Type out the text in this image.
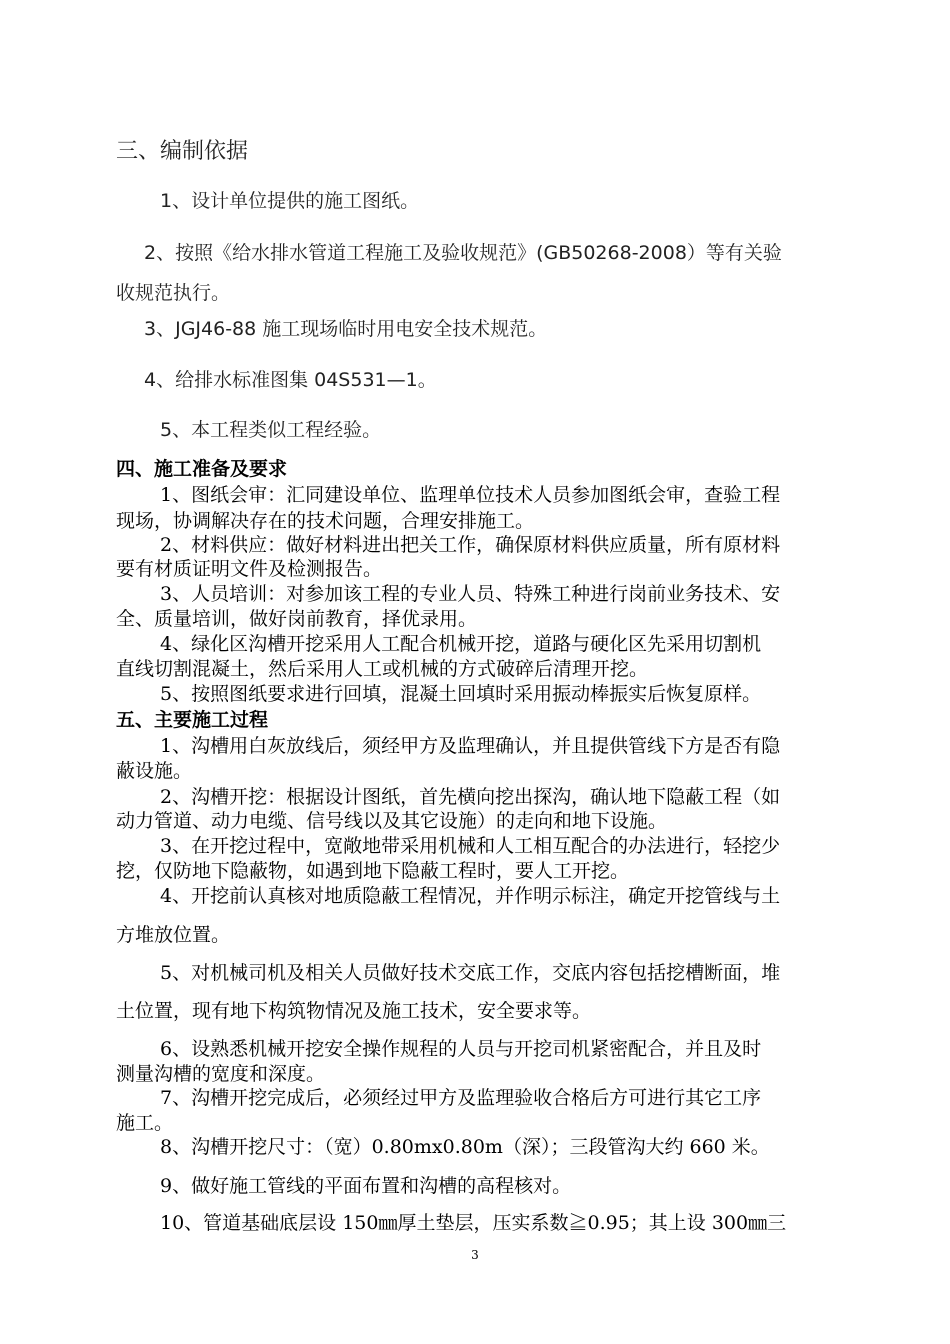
三、编制依据
1、设计单位提供的施工图纸。
2、按照《给水排水管道工程施工及验收规范》(GB50268-2008）等有关验
收规范执行。
3、JGJ46-88 施工现场临时用电安全技术规范。
4、给排水标准图集 04S531—1。
5、本工程类似工程经验。
四、施工准备及要求
1、图纸会审：汇同建设单位、监理单位技术人员参加图纸会审，查验工程
现场，协调解决存在的技术问题，合理安排施工。
2、材料供应：做好材料进出把关工作，确保原材料供应质量，所有原材料
要有材质证明文件及检测报告。
3、人员培训：对参加该工程的专业人员、特殊工种进行岗前业务技术、安
全、质量培训，做好岗前教育，择优录用。
4、绿化区沟槽开挖采用人工配合机械开挖，道路与硬化区先采用切割机
直线切割混凝土，然后采用人工或机械的方式破碎后清理开挖。
5、按照图纸要求进行回填，混凝土回填时采用振动棒振实后恢复原样。
五、主要施工过程
1、沟槽用白灰放线后，须经甲方及监理确认，并且提供管线下方是否有隐
蔽设施。
2、沟槽开挖：根据设计图纸，首先横向挖出探沟，确认地下隐蔽工程（如
动力管道、动力电缆、信号线以及其它设施）的走向和地下设施。
3、在开挖过程中，宽敞地带采用机械和人工相互配合的办法进行，轻挖少
挖，仅防地下隐蔽物，如遇到地下隐蔽工程时，要人工开挖。
4、开挖前认真核对地质隐蔽工程情况，并作明示标注，确定开挖管线与土
方堆放位置。
5、对机械司机及相关人员做好技术交底工作，交底内容包括挖槽断面，堆
土位置，现有地下构筑物情况及施工技术，安全要求等。
6、设熟悉机械开挖安全操作规程的人员与开挖司机紧密配合，并且及时
测量沟槽的宽度和深度。
7、沟槽开挖完成后，必须经过甲方及监理验收合格后方可进行其它工序
施工。
8、沟槽开挖尺寸：（宽）0.80mx0.80m（深）；三段管沟大约 660 米。
9、做好施工管线的平面布置和沟槽的高程核对。
10、管道基础底层设 150㎜厚土垫层，压实系数≧0.95；其上设 300㎜三
3
